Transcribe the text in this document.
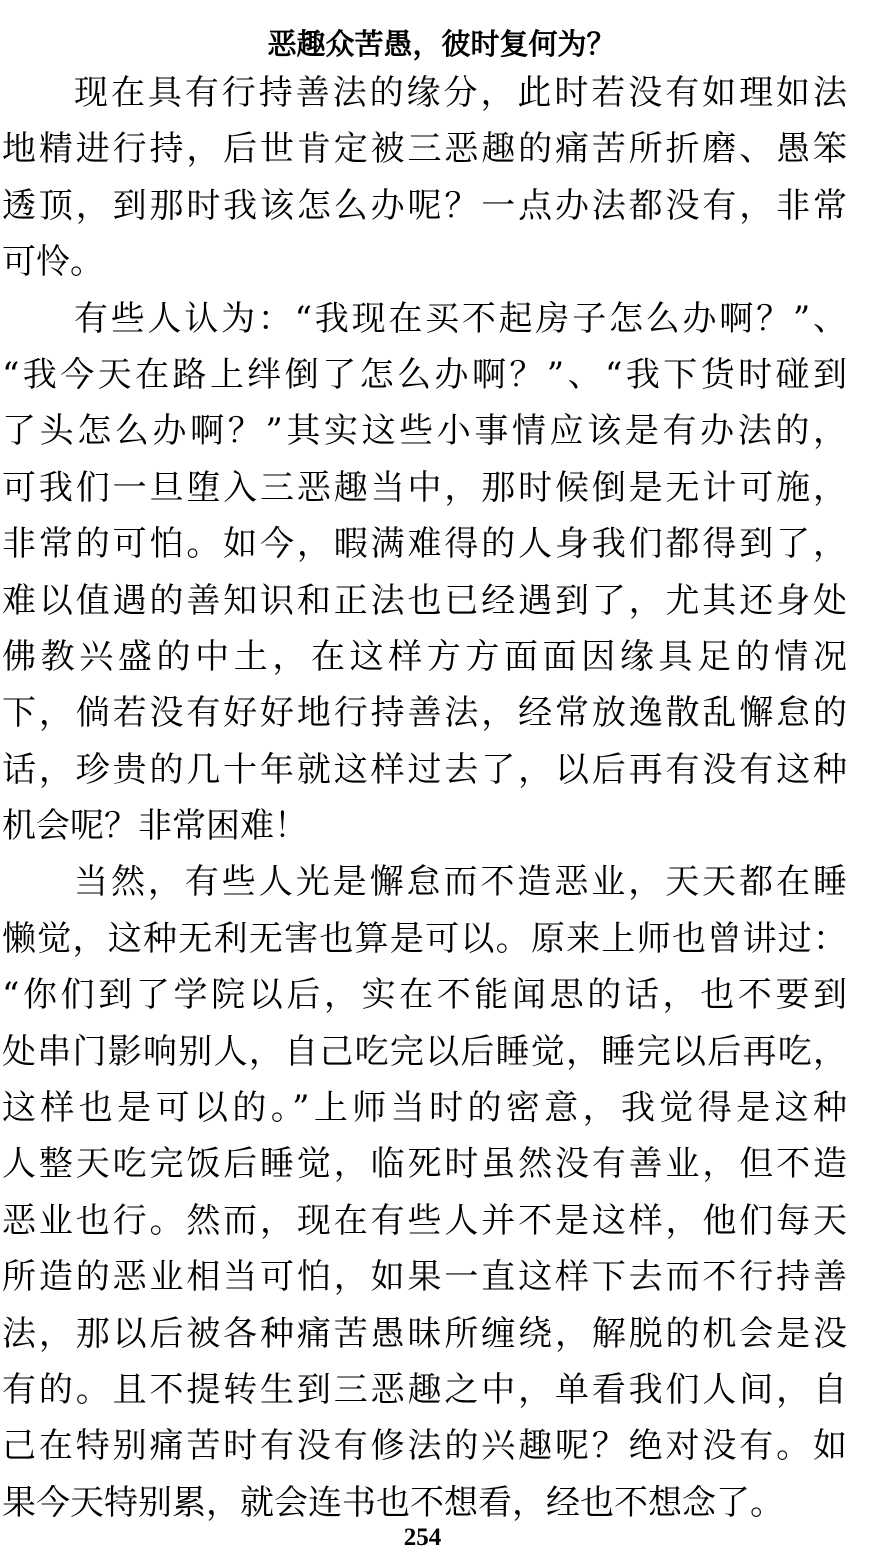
恶趣众苦愚，彼时复何为？
现在具有行持善法的缘分，此时若没有如理如法
地精进行持，后世肯定被三恶趣的痛苦所折磨、愚笨
透顶，到那时我该怎么办呢？一点办法都没有，非常
可怜。
有些人认为：“我现在买不起房子怎么办啊？”、
“我今天在路上绊倒了怎么办啊？”、“我下货时碰到
了头怎么办啊？”其实这些小事情应该是有办法的，
可我们一旦堕入三恶趣当中，那时候倒是无计可施，
非常的可怕。如今，暇满难得的人身我们都得到了，
难以值遇的善知识和正法也已经遇到了，尤其还身处
佛教兴盛的中土，在这样方方面面因缘具足的情况
下，倘若没有好好地行持善法，经常放逸散乱懈怠的
话，珍贵的几十年就这样过去了，以后再有没有这种
机会呢？非常困难！
当然，有些人光是懈怠而不造恶业，天天都在睡
懒觉，这种无利无害也算是可以。原来上师也曾讲过：
“你们到了学院以后，实在不能闻思的话，也不要到
处串门影响别人，自己吃完以后睡觉，睡完以后再吃，
这样也是可以的。”上师当时的密意，我觉得是这种
人整天吃完饭后睡觉，临死时虽然没有善业，但不造
恶业也行。然而，现在有些人并不是这样，他们每天
所造的恶业相当可怕，如果一直这样下去而不行持善
法，那以后被各种痛苦愚昧所缠绕，解脱的机会是没
有的。且不提转生到三恶趣之中，单看我们人间，自
己在特别痛苦时有没有修法的兴趣呢？绝对没有。如
果今天特别累，就会连书也不想看，经也不想念了。
254
